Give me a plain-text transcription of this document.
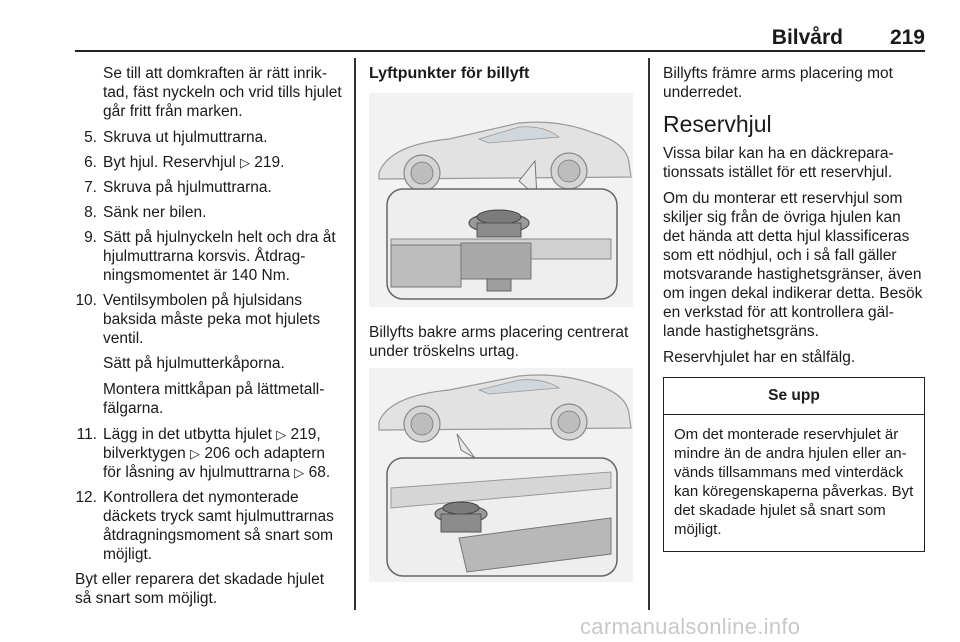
Bilvård 219

Se till att domkraften är rätt inriktad, fäst nyckeln och vrid tills hjulet går fritt från marken.

5. Skruva ut hjulmuttrarna.
6. Byt hjul. Reservhjul ▷ 219.
7. Skruva på hjulmuttrarna.
8. Sänk ner bilen.
9. Sätt på hjulnyckeln helt och dra åt hjulmuttrarna korsvis. Åtdragningsmomentet är 140 Nm.
10. Ventilsymbolen på hjulsidans baksida måste peka mot hjulets ventil.

Sätt på hjulmutterkåporna.

Montera mittkåpan på lättmetallfälgarna.

11. Lägg in det utbytta hjulet ▷ 219, bilverktygen ▷ 206 och adaptern för låsning av hjulmuttrarna ▷ 68.
12. Kontrollera det nymonterade däckets tryck samt hjulmuttrarnas åtdragningsmoment så snart som möjligt.

Byt eller reparera det skadade hjulet så snart som möjligt.

Lyftpunkter för billyft

Billyfts bakre arms placering centrerat under tröskelns urtag.

Billyfts främre arms placering mot underredet.

Reservhjul

Vissa bilar kan ha en däckreparationssats istället för ett reservhjul.

Om du monterar ett reservhjul som skiljer sig från de övriga hjulen kan det hända att detta hjul klassificeras som ett nödhjul, och i så fall gäller motsvarande hastighetsgränser, även om ingen dekal indikerar detta. Besök en verkstad för att kontrollera gällande hastighetsgräns.

Reservhjulet har en stålfälg.

Se upp
Om det monterade reservhjulet är mindre än de andra hjulen eller används tillsammans med vinterdäck kan köregenskaperna påverkas. Byt det skadade hjulet så snart som möjligt.
carmanualsonline.info
